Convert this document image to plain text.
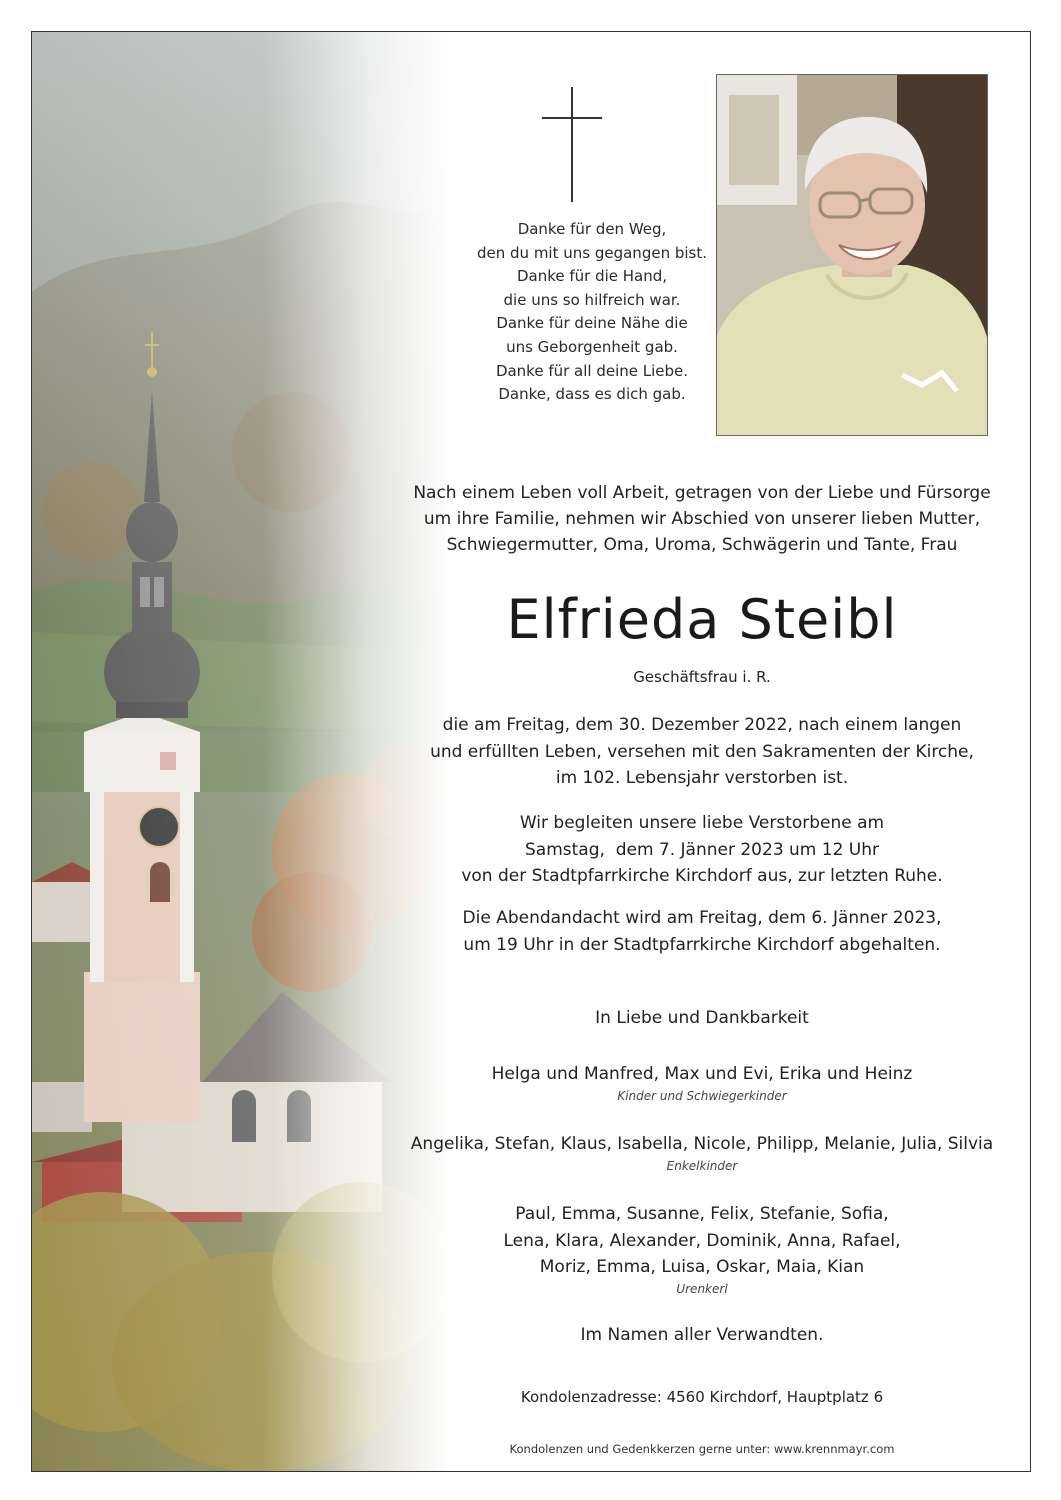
Danke für den Weg,
den du mit uns gegangen bist.
Danke für die Hand,
die uns so hilfreich war.
Danke für deine Nähe die
uns Geborgenheit gab.
Danke für all deine Liebe.
Danke, dass es dich gab.
Nach einem Leben voll Arbeit, getragen von der Liebe und Fürsorge
um ihre Familie, nehmen wir Abschied von unserer lieben Mutter,
Schwiegermutter, Oma, Uroma, Schwägerin und Tante, Frau
Elfrieda Steibl
Geschäftsfrau i. R.
die am Freitag, dem 30. Dezember 2022, nach einem langen
und erfüllten Leben, versehen mit den Sakramenten der Kirche,
im 102. Lebensjahr verstorben ist.
Wir begleiten unsere liebe Verstorbene am
Samstag,  dem 7. Jänner 2023 um 12 Uhr
von der Stadtpfarrkirche Kirchdorf aus, zur letzten Ruhe.
Die Abendandacht wird am Freitag, dem 6. Jänner 2023,
um 19 Uhr in der Stadtpfarrkirche Kirchdorf abgehalten.
In Liebe und Dankbarkeit
Helga und Manfred, Max und Evi, Erika und Heinz
Kinder und Schwiegerkinder
Angelika, Stefan, Klaus, Isabella, Nicole, Philipp, Melanie, Julia, Silvia
Enkelkinder
Paul, Emma, Susanne, Felix, Stefanie, Sofia,
Lena, Klara, Alexander, Dominik, Anna, Rafael,
Moriz, Emma, Luisa, Oskar, Maia, Kian
Urenkerl
Im Namen aller Verwandten.
Kondolenzadresse: 4560 Kirchdorf, Hauptplatz 6
Kondolenzen und Gedenkkerzen gerne unter: www.krennmayr.com
